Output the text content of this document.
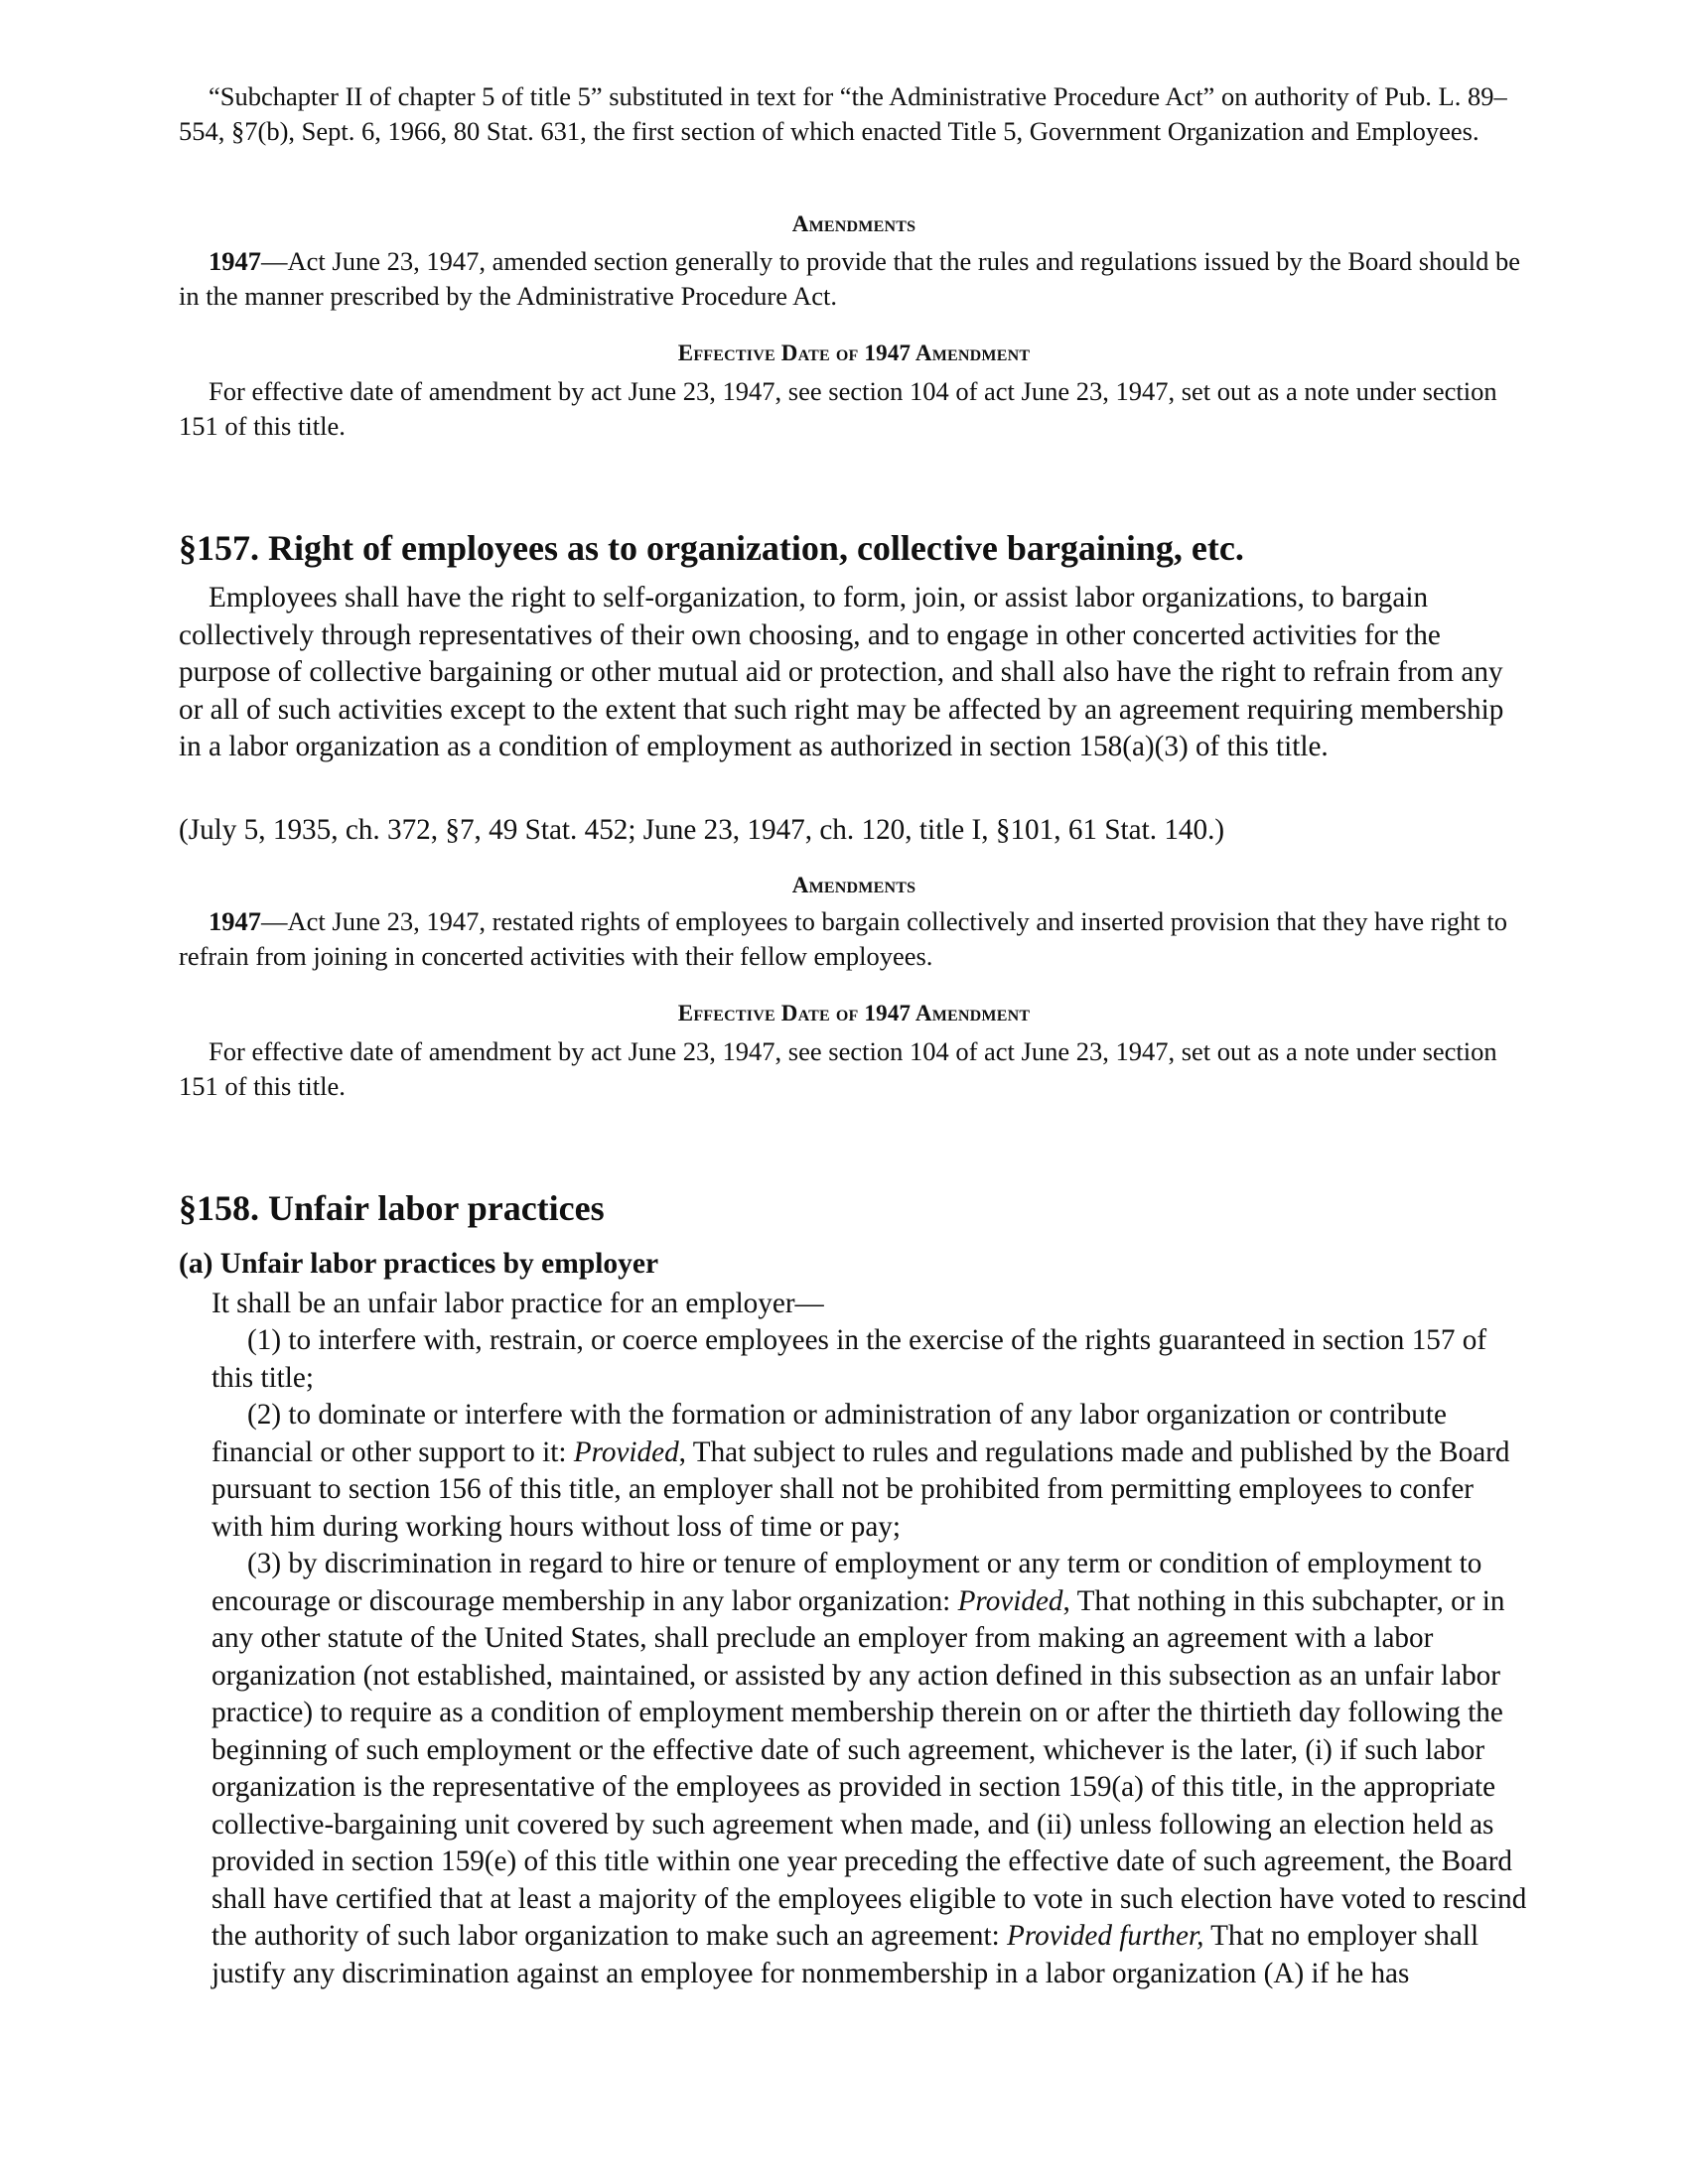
“Subchapter II of chapter 5 of title 5” substituted in text for “the Administrative Procedure Act” on authority of Pub. L. 89–554, §7(b), Sept. 6, 1966, 80 Stat. 631, the first section of which enacted Title 5, Government Organization and Employees.

Amendments

1947—Act June 23, 1947, amended section generally to provide that the rules and regulations issued by the Board should be in the manner prescribed by the Administrative Procedure Act.

Effective Date of 1947 Amendment

For effective date of amendment by act June 23, 1947, see section 104 of act June 23, 1947, set out as a note under section 151 of this title.

§157. Right of employees as to organization, collective bargaining, etc.

Employees shall have the right to self-organization, to form, join, or assist labor organizations, to bargain collectively through representatives of their own choosing, and to engage in other concerted activities for the purpose of collective bargaining or other mutual aid or protection, and shall also have the right to refrain from any or all of such activities except to the extent that such right may be affected by an agreement requiring membership in a labor organization as a condition of employment as authorized in section 158(a)(3) of this title.

(July 5, 1935, ch. 372, §7, 49 Stat. 452; June 23, 1947, ch. 120, title I, §101, 61 Stat. 140.)

Amendments

1947—Act June 23, 1947, restated rights of employees to bargain collectively and inserted provision that they have right to refrain from joining in concerted activities with their fellow employees.

Effective Date of 1947 Amendment

For effective date of amendment by act June 23, 1947, see section 104 of act June 23, 1947, set out as a note under section 151 of this title.

§158. Unfair labor practices
(a) Unfair labor practices by employer

It shall be an unfair labor practice for an employer—

(1) to interfere with, restrain, or coerce employees in the exercise of the rights guaranteed in section 157 of this title;

(2) to dominate or interfere with the formation or administration of any labor organization or contribute financial or other support to it: Provided, That subject to rules and regulations made and published by the Board pursuant to section 156 of this title, an employer shall not be prohibited from permitting employees to confer with him during working hours without loss of time or pay;

(3) by discrimination in regard to hire or tenure of employment or any term or condition of employment to encourage or discourage membership in any labor organization: Provided, That nothing in this subchapter, or in any other statute of the United States, shall preclude an employer from making an agreement with a labor organization (not established, maintained, or assisted by any action defined in this subsection as an unfair labor practice) to require as a condition of employment membership therein on or after the thirtieth day following the beginning of such employment or the effective date of such agreement, whichever is the later, (i) if such labor organization is the representative of the employees as provided in section 159(a) of this title, in the appropriate collective-bargaining unit covered by such agreement when made, and (ii) unless following an election held as provided in section 159(e) of this title within one year preceding the effective date of such agreement, the Board shall have certified that at least a majority of the employees eligible to vote in such election have voted to rescind the authority of such labor organization to make such an agreement: Provided further, That no employer shall justify any discrimination against an employee for nonmembership in a labor organization (A) if he has
